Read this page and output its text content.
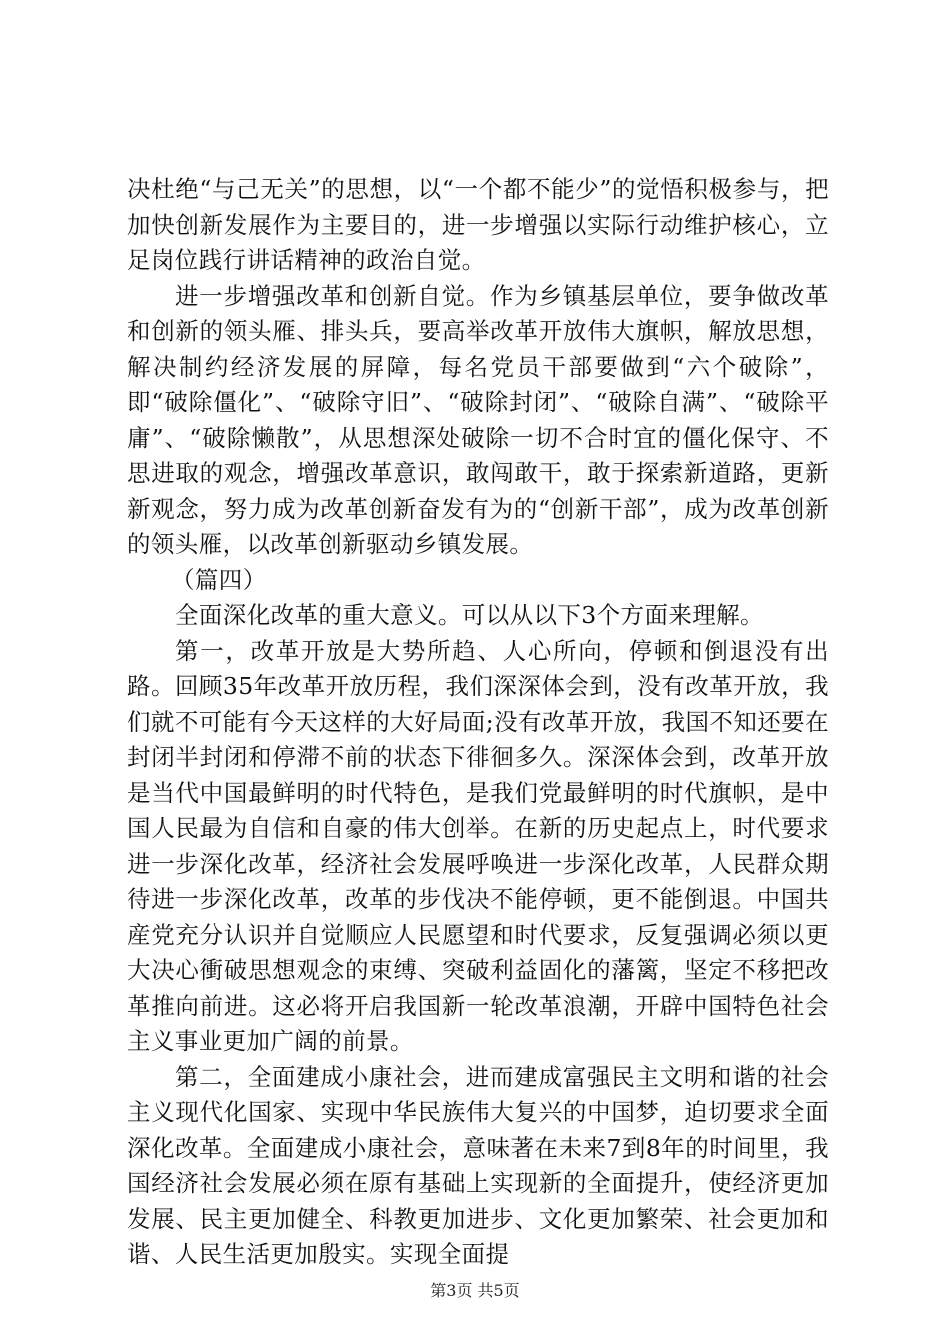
决杜绝“与己无关”的思想，以“一个都不能少”的觉悟积极参与，把加快创新发展作为主要目的，进一步增强以实际行动维护核心，立足岗位践行讲话精神的政治自觉。

进一步增强改革和创新自觉。作为乡镇基层单位，要争做改革和创新的领头雁、排头兵，要高举改革开放伟大旗帜，解放思想，解决制约经济发展的屏障，每名党员干部要做到“六个破除”，即“破除僵化”、“破除守旧”、“破除封闭”、“破除自满”、“破除平庸”、“破除懒散”，从思想深处破除一切不合时宜的僵化保守、不思进取的观念，增强改革意识，敢闯敢干，敢于探索新道路，更新新观念，努力成为改革创新奋发有为的“创新干部”，成为改革创新的领头雁，以改革创新驱动乡镇发展。

（篇四）

全面深化改革的重大意义。可以从以下3个方面来理解。

第一，改革开放是大势所趋、人心所向，停顿和倒退没有出路。回顾35年改革开放历程，我们深深体会到，没有改革开放，我们就不可能有今天这样的大好局面;没有改革开放，我国不知还要在封闭半封闭和停滞不前的状态下徘徊多久。深深体会到，改革开放是当代中国最鲜明的时代特色，是我们党最鲜明的时代旗帜，是中国人民最为自信和自豪的伟大创举。在新的历史起点上，时代要求进一步深化改革，经济社会发展呼唤进一步深化改革，人民群众期待进一步深化改革，改革的步伐决不能停顿，更不能倒退。中国共産党充分认识并自觉顺应人民愿望和时代要求，反复强调必须以更大决心衝破思想观念的束缚、突破利益固化的藩篱，坚定不移把改革推向前进。这必将开启我国新一轮改革浪潮，开辟中国特色社会主义事业更加广阔的前景。

第二，全面建成小康社会，进而建成富强民主文明和谐的社会主义现代化国家、实现中华民族伟大复兴的中国梦，迫切要求全面深化改革。全面建成小康社会，意味著在未来7到8年的时间里，我国经济社会发展必须在原有基础上实现新的全面提升，使经济更加发展、民主更加健全、科教更加进步、文化更加繁荣、社会更加和谐、人民生活更加殷实。实现全面提

第3页 共5页
